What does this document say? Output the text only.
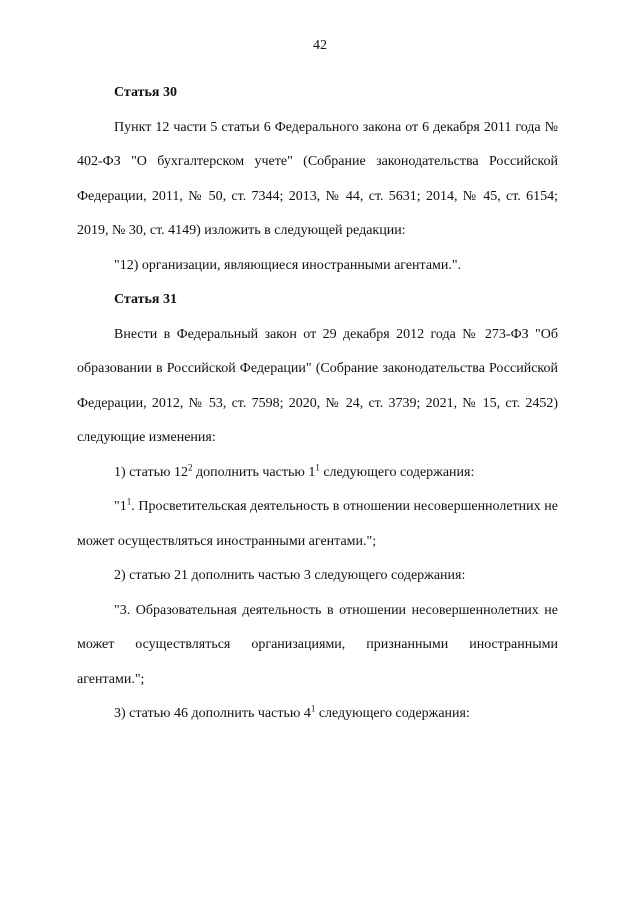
42

Статья 30

Пункт 12 части 5 статьи 6 Федерального закона от 6 декабря 2011 года № 402-ФЗ "О бухгалтерском учете" (Собрание законодательства Российской Федерации, 2011, № 50, ст. 7344; 2013, № 44, ст. 5631; 2014, № 45, ст. 6154; 2019, № 30, ст. 4149) изложить в следующей редакции:

"12) организации, являющиеся иностранными агентами.".

Статья 31

Внести в Федеральный закон от 29 декабря 2012 года № 273-ФЗ "Об образовании в Российской Федерации" (Собрание законодательства Российской Федерации, 2012, № 53, ст. 7598; 2020, № 24, ст. 3739; 2021, № 15, ст. 2452) следующие изменения:

1) статью $12^2$ дополнить частью $1^1$ следующего содержания:

"$1^1$. Просветительская деятельность в отношении несовершеннолетних не может осуществляться иностранными агентами.";

2) статью 21 дополнить частью 3 следующего содержания:

"3. Образовательная деятельность в отношении несовершеннолетних не может осуществляться организациями, признанными иностранными агентами.";

3) статью 46 дополнить частью $4^1$ следующего содержания:
